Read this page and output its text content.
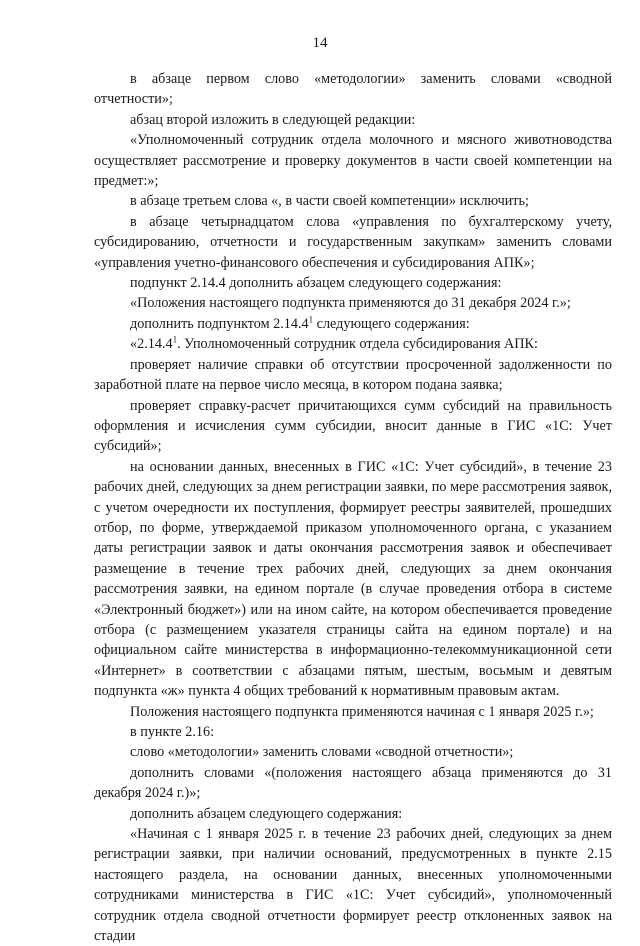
14

в абзаце первом слово «методологии» заменить словами «сводной отчетности»;

абзац второй изложить в следующей редакции:

«Уполномоченный сотрудник отдела молочного и мясного животноводства осуществляет рассмотрение и проверку документов в части своей компетенции на предмет:»;

в абзаце третьем слова «, в части своей компетенции» исключить;

в абзаце четырнадцатом слова «управления по бухгалтерскому учету, субсидированию, отчетности и государственным закупкам» заменить словами «управления учетно-финансового обеспечения и субсидирования АПК»;

подпункт 2.14.4 дополнить абзацем следующего содержания:

«Положения настоящего подпункта применяются до 31 декабря 2024 г.»;

дополнить подпунктом 2.14.4$^1$ следующего содержания:

«2.14.4$^1$. Уполномоченный сотрудник отдела субсидирования АПК:

проверяет наличие справки об отсутствии просроченной задолженности по заработной плате на первое число месяца, в котором подана заявка;

проверяет справку-расчет причитающихся сумм субсидий на правильность оформления и исчисления сумм субсидии, вносит данные в ГИС «1С: Учет субсидий»;

на основании данных, внесенных в ГИС «1С: Учет субсидий», в течение 23 рабочих дней, следующих за днем регистрации заявки, по мере рассмотрения заявок, с учетом очередности их поступления, формирует реестры заявителей, прошедших отбор, по форме, утверждаемой приказом уполномоченного органа, с указанием даты регистрации заявок и даты окончания рассмотрения заявок и обеспечивает размещение в течение трех рабочих дней, следующих за днем окончания рассмотрения заявки, на едином портале (в случае проведения отбора в системе «Электронный бюджет») или на ином сайте, на котором обеспечивается проведение отбора (с размещением указателя страницы сайта на едином портале) и на официальном сайте министерства в информационно-телекоммуникационной сети «Интернет» в соответствии с абзацами пятым, шестым, восьмым и девятым подпункта «ж» пункта 4 общих требований к нормативным правовым актам.

Положения настоящего подпункта применяются начиная с 1 января 2025 г.»;

в пункте 2.16:

слово «методологии» заменить словами «сводной отчетности»;

дополнить словами «(положения настоящего абзаца применяются до 31 декабря 2024 г.)»;

дополнить абзацем следующего содержания:

«Начиная с 1 января 2025 г. в течение 23 рабочих дней, следующих за днем регистрации заявки, при наличии оснований, предусмотренных в пункте 2.15 настоящего раздела, на основании данных, внесенных уполномоченными сотрудниками министерства в ГИС «1С: Учет субсидий», уполномоченный сотрудник отдела сводной отчетности формирует реестр отклоненных заявок на стадии
